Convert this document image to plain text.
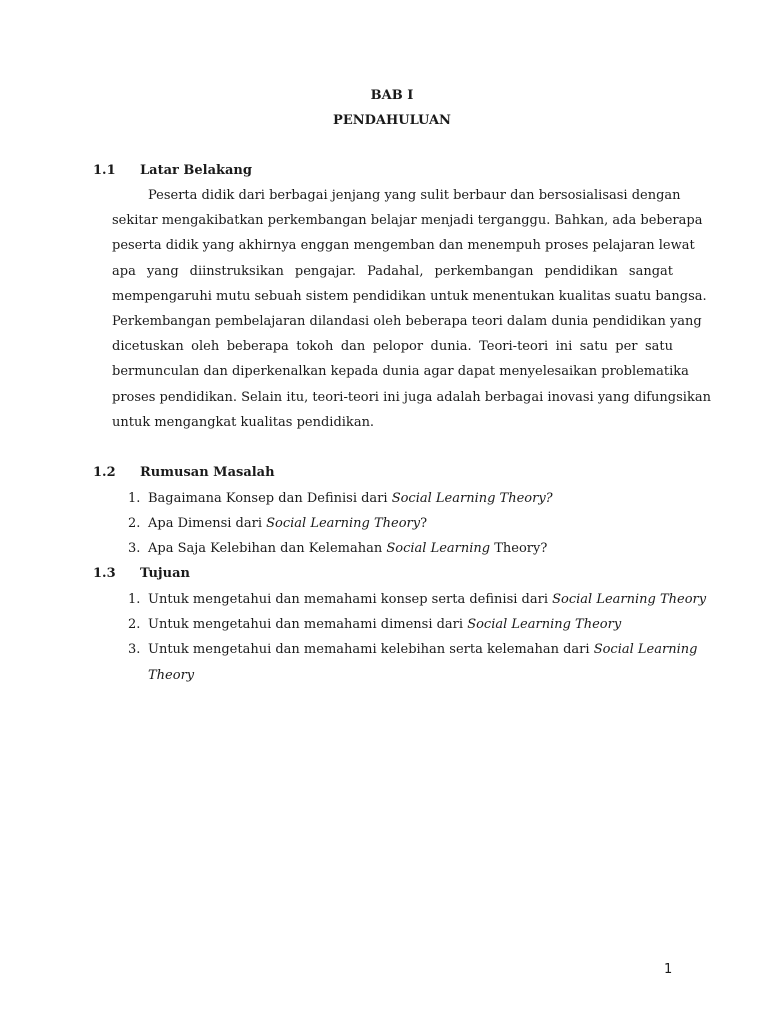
BAB I
PENDAHULUAN
1.1 Latar Belakang
Peserta didik dari berbagai jenjang yang sulit berbaur dan bersosialisasi dengan
sekitar mengakibatkan perkembangan belajar menjadi terganggu. Bahkan, ada beberapa
peserta didik yang akhirnya enggan mengemban dan menempuh proses pelajaran lewat
apa yang diinstruksikan pengajar. Padahal, perkembangan pendidikan sangat
mempengaruhi mutu sebuah sistem pendidikan untuk menentukan kualitas suatu bangsa.
Perkembangan pembelajaran dilandasi oleh beberapa teori dalam dunia pendidikan yang
dicetuskan oleh beberapa tokoh dan pelopor dunia. Teori-teori ini satu per satu
bermunculan dan diperkenalkan kepada dunia agar dapat menyelesaikan problematika
proses pendidikan. Selain itu, teori-teori ini juga adalah berbagai inovasi yang difungsikan
untuk mengangkat kualitas pendidikan.
1.2 Rumusan Masalah
1. Bagaimana Konsep dan Definisi dari Social Learning Theory?
2. Apa Dimensi dari Social Learning Theory?
3. Apa Saja Kelebihan dan Kelemahan Social Learning Theory?
1.3 Tujuan
1. Untuk mengetahui dan memahami konsep serta definisi dari Social Learning Theory
2. Untuk mengetahui dan memahami dimensi dari Social Learning Theory
3. Untuk mengetahui dan memahami kelebihan serta kelemahan dari Social Learning
Theory
1
